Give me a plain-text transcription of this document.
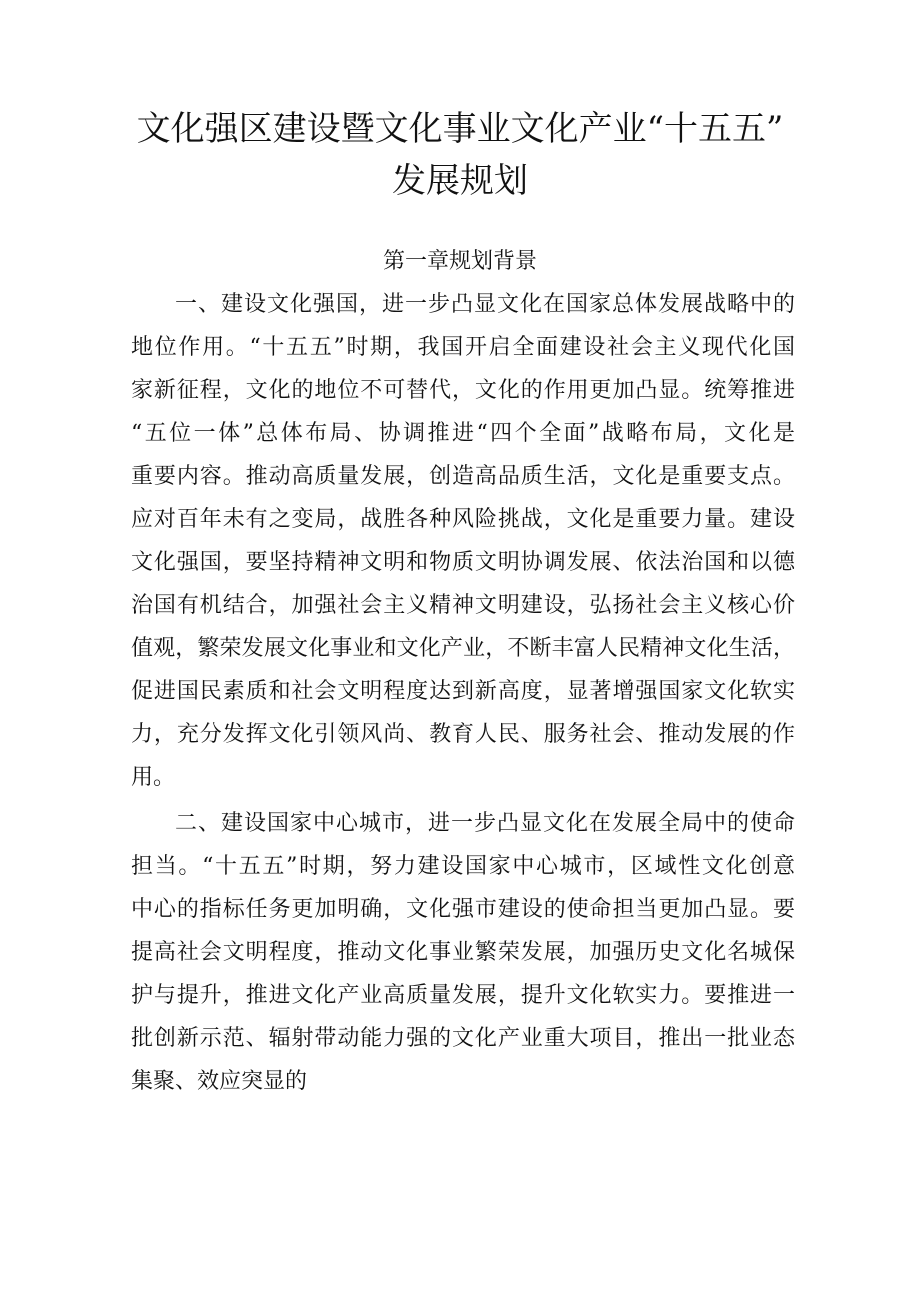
文化强区建设暨文化事业文化产业“十五五”
发展规划
第一章规划背景
一、建设文化强国，进一步凸显文化在国家总体发展战略中的
地位作用。“十五五”时期，我国开启全面建设社会主义现代化国
家新征程，文化的地位不可替代，文化的作用更加凸显。统筹推进
“五位一体”总体布局、协调推进“四个全面”战略布局，文化是
重要内容。推动高质量发展，创造高品质生活，文化是重要支点。
应对百年未有之变局，战胜各种风险挑战，文化是重要力量。建设
文化强国，要坚持精神文明和物质文明协调发展、依法治国和以德
治国有机结合，加强社会主义精神文明建设，弘扬社会主义核心价
值观，繁荣发展文化事业和文化产业，不断丰富人民精神文化生活，
促进国民素质和社会文明程度达到新高度，显著增强国家文化软实
力，充分发挥文化引领风尚、教育人民、服务社会、推动发展的作
用。
二、建设国家中心城市，进一步凸显文化在发展全局中的使命
担当。“十五五”时期，努力建设国家中心城市，区域性文化创意
中心的指标任务更加明确，文化强市建设的使命担当更加凸显。要
提高社会文明程度，推动文化事业繁荣发展，加强历史文化名城保
护与提升，推进文化产业高质量发展，提升文化软实力。要推进一
批创新示范、辐射带动能力强的文化产业重大项目，推出一批业态
集聚、效应突显的
